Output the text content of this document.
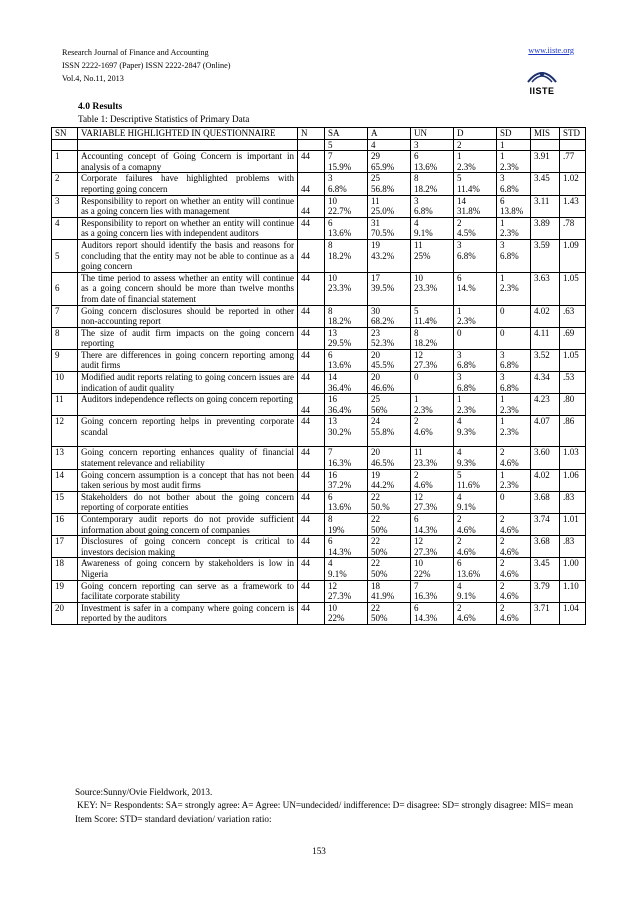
Research Journal of Finance and Accounting
ISSN 2222-1697 (Paper) ISSN 2222-2847 (Online)
Vol.4, No.11, 2013
www.iiste.org
IISTE
4.0 Results
Table 1: Descriptive Statistics of Primary Data
SN	VARIABLE HIGHLIGHTED IN QUESTIONNAIRE	N	SA	A	UN	D	SD	MIS	STD
			5	4	3	2	1		
1	Accounting concept of Going Concern is important in analysis of a comapny	44	7
15.9%	29
65.9%	6
13.6%	1
2.3%	1
2.3%	3.91	.77
2	Corporate failures have highlighted problems with reporting going concern	44	3
6.8%	25
56.8%	8
18.2%	5
11.4%	3
6.8%	3.45	1.02
3	Responsibility to report on whether an entity will continue as a going concern lies with management	44	10
22.7%	11
25.0%	3
6.8%	14
31.8%	6
13.8%	3.11	1.43
4	Responsibility to report on whether an entity will continue as a going concern lies with independent auditors	44	6
13.6%	31
70.5%	4
9.1%	2
4.5%	1
2.3%	3.89	.78
5	Auditors report should identify the basis and reasons for concluding that the entity may not be able to continue as a going concern	44	8
18.2%	19
43.2%	11
25%	3
6.8%	3
6.8%	3.59	1.09
6	The time period to assess whether an entity will continue as a going concern should be more than twelve months from date of financial statement	44	10
23.3%	17
39.5%	10
23.3%	6
14.%	1
2.3%	3.63	1.05
7	Going concern disclosures should be reported in other non-accounting report	44	8
18.2%	30
68.2%	5
11.4%	1
2.3%	0	4.02	.63
8	The size of audit firm impacts on the going concern reporting	44	13
29.5%	23
52.3%	8
18.2%	0	0	4.11	.69
9	There are differences in going concern reporting among audit firms	44	6
13.6%	20
45.5%	12
27.3%	3
6.8%	3
6.8%	3.52	1.05
10	Modified audit reports relating to going concern issues are indication of audit quality	44	14
36.4%	20
46.6%	0	3
6.8%	3
6.8%	4.34	.53
11	Auditors independence reflects on going concern reporting	44	16
36.4%	25
56%	1
2.3%	1
2.3%	1
2.3%	4.23	.80
12	Going concern reporting helps in preventing corporate scandal	44	13
30.2%	24
55.8%	2
4.6%	4
9.3%	1
2.3%	4.07	.86
13	Going concern reporting enhances quality of financial statement relevance and reliability	44	7
16.3%	20
46.5%	11
23.3%	4
9.3%	2
4.6%	3.60	1.03
14	Going concern assumption is a concept that has not been taken serious by most audit firms	44	16
37.2%	19
44.2%	2
4.6%	5
11.6%	1
2.3%	4.02	1.06
15	Stakeholders do not bother about the going concern reporting of corporate entities	44	6
13.6%	22
50.%	12
27.3%	4
9.1%	0	3.68	.83
16	Contemporary audit reports do not provide sufficient information about going concern of companies	44	8
19%	22
50%	6
14.3%	2
4.6%	2
4.6%	3.74	1.01
17	Disclosures of going concern concept is critical to investors decision making	44	6
14.3%	22
50%	12
27.3%	2
4.6%	2
4.6%	3.68	.83
18	Awareness of going concern by stakeholders is low in Nigeria	44	4
9.1%	22
50%	10
22%	6
13.6%	2
4.6%	3.45	1.00
19	Going concern reporting can serve as a framework to facilitate corporate stability	44	12
27.3%	18
41.9%	7
16.3%	4
9.1%	2
4.6%	3.79	1.10
20	Investment is safer in a company where going concern is reported by the auditors	44	10
22%	22
50%	6
14.3%	2
4.6%	2
4.6%	3.71	1.04
Source:Sunny/Ovie Fieldwork, 2013.
KEY: N= Respondents: SA= strongly agree: A= Agree: UN=undecided/ indifference: D= disagree: SD= strongly disagree: MIS= mean Item Score: STD= standard deviation/ variation ratio:
153
